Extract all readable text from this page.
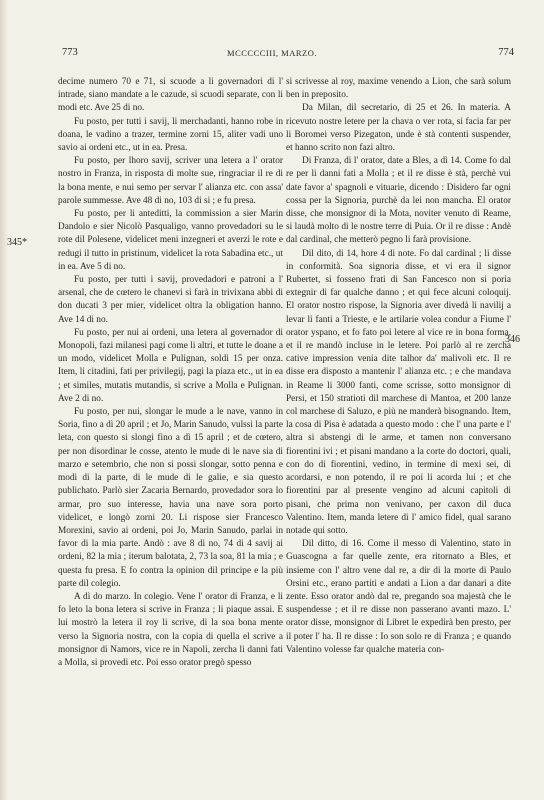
773	MCCCCCIII, MARZO.	774
345*
346

decime numero 70 e 71, si scuode a li governadori di l' intrade, siano mandate a le cazude, si scuodi separate, con li modi etc. Ave 25 di no.

Fu posto, per tutti i savij, li merchadanti, hanno robe in doana, le vadino a trazer, termine zorni 15, aliter vadi uno savio ai ordeni etc., ut in ea. Presa.

Fu posto, per lhoro savij, scriver una letera a l' orator nostro in Franza, in risposta di molte sue, ringraciar il re di la bona mente, e nui semo per servar l' alianza etc. con assa' parole summesse. Ave 48 di no, 103 di si ; e fu presa.

Fu posto, per li anteditti, la commission a sier Marin Dandolo e sier Nicolò Pasqualigo, vanno provedadori su le rote dil Polesene, videlicet meni inzegneri et averzi le rote e redugi il tutto in pristinum, videlicet la rota Sabadina etc., ut in ea. Ave 5 di no.

Fu posto, per tutti i savij, provedadori e patroni a l' arsenal, che de cœtero le chanevi si farà in trivixana abbi di don ducati 3 per mier, videlicet oltra la obligation hanno. Ave 14 di no.

Fu posto, per nui ai ordeni, una letera al governador di Monopoli, fazi milanesi pagi come li altri, et tutte le doane a un modo, videlicet Molla e Pulignan, soldi 15 per onza. Item, li citadini, fati per privilegij, pagi la piaza etc., ut in ea ; et similes, mutatis mutandis, si scrive a Molla e Pulignan. Ave 2 di no.

Fu posto, per nui, slongar le mude a le nave, vanno in Soria, fino a dì 20 april ; et Jo, Marin Sanudo, vulssi la parte leta, con questo si slongi fino a dì 15 april ; et de cœtero, per non disordinar le cosse, atento le mude di le nave sia di marzo e setembrio, che non si possi slongar, sotto penna e modi di la parte, di le mude di le galie, e sia questo publichato. Parlò sier Zacaria Bernardo, provedador sora lo armar, pro suo interesse, havia una nave sora porto videlicet, e longò zorni 20. Li rispose sier Francesco Morexini, savio ai ordeni, poi Jo, Marin Sanudo, parlai in favor di la mia parte. Andò : ave 8 di no, 74 di 4 savij ai ordeni, 82 la mia ; iterum balotata, 2, 73 la soa, 81 la mia ; e questa fu presa. E fo contra la opinion dil principe e la più parte dil colegio.

A dì do marzo. In colegio. Vene l' orator di Franza, e li fo leto la bona letera si scrive in Franza ; li piaque assai. E lui mostrò la letera il roy li scrive, di la soa bona mente verso la Signoria nostra, con la copia di quella el scrive a monsignor di Namors, vice re in Napoli, zercha li danni fati a Molla, si provedi etc. Poi esso orator pregò spesso

si scrivesse al roy, maxime venendo a Lion, che sarà solum ben in preposito.

Da Milan, dil secretario, di 25 et 26. In materia. A ricevuto nostre letere per la chava o ver rota, si faciа far per li Boromei verso Pizegaton, unde è stà contenti suspender, et hanno scrito non fazi altro.

Di Franza, di l' orator, date a Bles, a dì 14. Come fo dal re per li danni fati a Molla ; et il re disse è stà, perchè vui date favor a' spagnoli e vituarie, dicendo : Disidero far ogni cossa per la Signoria, purchè da lei non mancha. El orator disse, che monsignor di la Mota, noviter venuto di Reame, si laudà molto di le nostre terre di Puia. Or il re disse : Andè dal cardinal, che metterò pegno li farà provisione.

Dil dito, di 14, hore 4 di note. Fo dal cardinal ; li disse in conformità. Soa signoria disse, et vi era il signor Rubertet, si fosseno frati di San Fancesco non si poria extegnir di far qualche danno ; et qui fece alcuni coloquij. El orator nostro rispose, la Signoria aver divedà li navilij a levar li fanti a Trieste, e le artilarie volea condur a Fiume l' orator yspano, et fo fato poi letere al vice re in bona forma, et il re mandò incluse in le letere. Poi parlò al re zercha cative impression venia dite talhor da' malivoli etc. Il re disse era disposto a mantenir l' alianza etc. ; e che mandava in Reame li 3000 fanti, come scrisse, sotto monsignor di Persi, et 150 stratioti dil marchese di Mantoa, et 200 lanze col marchese di Saluzo, e più ne manderà bisognando. Item, la cosa di Pisa è adatada a questo modo : che l' una parte e l' altra si abstengi di le arme, et tamen non conversano fiorentini ivi ; et pisani mandano a la corte do doctori, quali, con do di fiorentini, vedino, in termine di mexi sei, di acordarsi, e non potendo, il re poi li acorda lui ; et che fiorentini par al presente vengino ad alcuni capitoli di pisani, che prima non venivano, per caxon dil duca Valentino. Item, manda letere di l' amico fidel, qual sarano notade qui sotto.

Dil ditto, di 16. Come il messo di Valentino, stato in Guascogna a far quelle zente, era ritornato a Bles, et insieme con l' altro vene dal re, a dir di la morte di Paulo Orsini etc., erano partiti e andati a Lion a dar danari a dite zente. Esso orator andò dal re, pregando soa majestà che le suspendesse ; et il re disse non passerano avanti mazo. L' orator disse, monsignor di Libret le expedirà ben presto, per il poter l' ha. Il re disse : Io son solo re di Franza ; e quando Valentino volesse far qualche materia con-
